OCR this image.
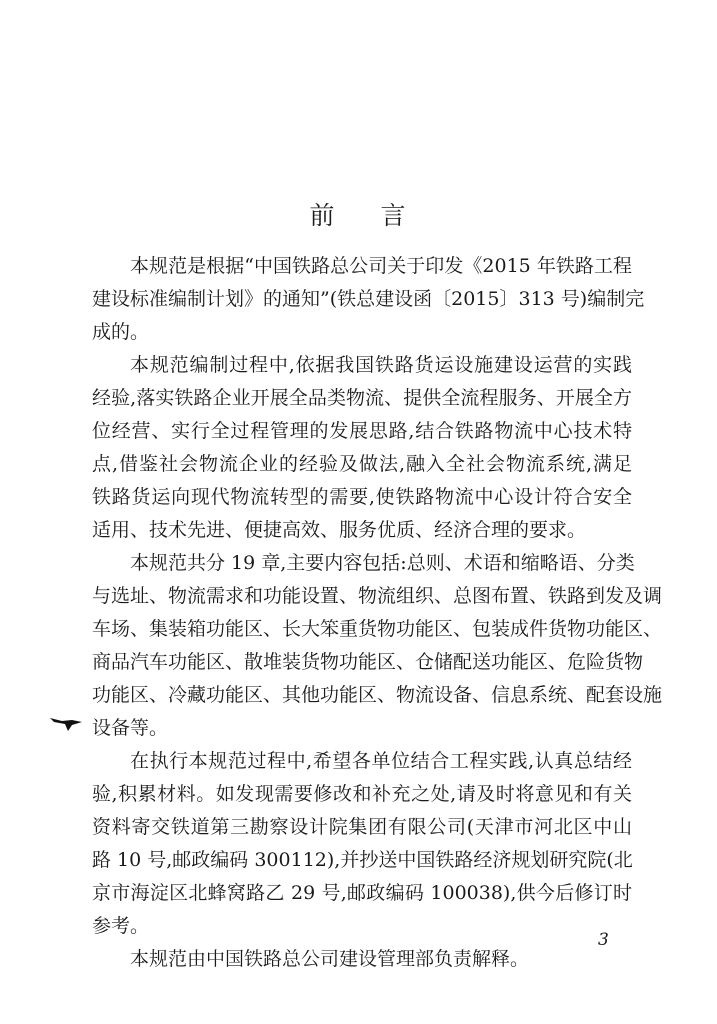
前 言
本规范是根据“中国铁路总公司关于印发《2015 年铁路工程
建设标准编制计划》的通知”(铁总建设函〔2015〕313 号)编制完
成的。
本规范编制过程中,依据我国铁路货运设施建设运营的实践
经验,落实铁路企业开展全品类物流、提供全流程服务、开展全方
位经营、实行全过程管理的发展思路,结合铁路物流中心技术特
点,借鉴社会物流企业的经验及做法,融入全社会物流系统,满足
铁路货运向现代物流转型的需要,使铁路物流中心设计符合安全
适用、技术先进、便捷高效、服务优质、经济合理的要求。
本规范共分 19 章,主要内容包括:总则、术语和缩略语、分类
与选址、物流需求和功能设置、物流组织、总图布置、铁路到发及调
车场、集装箱功能区、长大笨重货物功能区、包装成件货物功能区、
商品汽车功能区、散堆装货物功能区、仓储配送功能区、危险货物
功能区、冷藏功能区、其他功能区、物流设备、信息系统、配套设施
设备等。
在执行本规范过程中,希望各单位结合工程实践,认真总结经
验,积累材料。如发现需要修改和补充之处,请及时将意见和有关
资料寄交铁道第三勘察设计院集团有限公司(天津市河北区中山
路 10 号,邮政编码 300112),并抄送中国铁路经济规划研究院(北
京市海淀区北蜂窝路乙 29 号,邮政编码 100038),供今后修订时
参考。
本规范由中国铁路总公司建设管理部负责解释。
3
